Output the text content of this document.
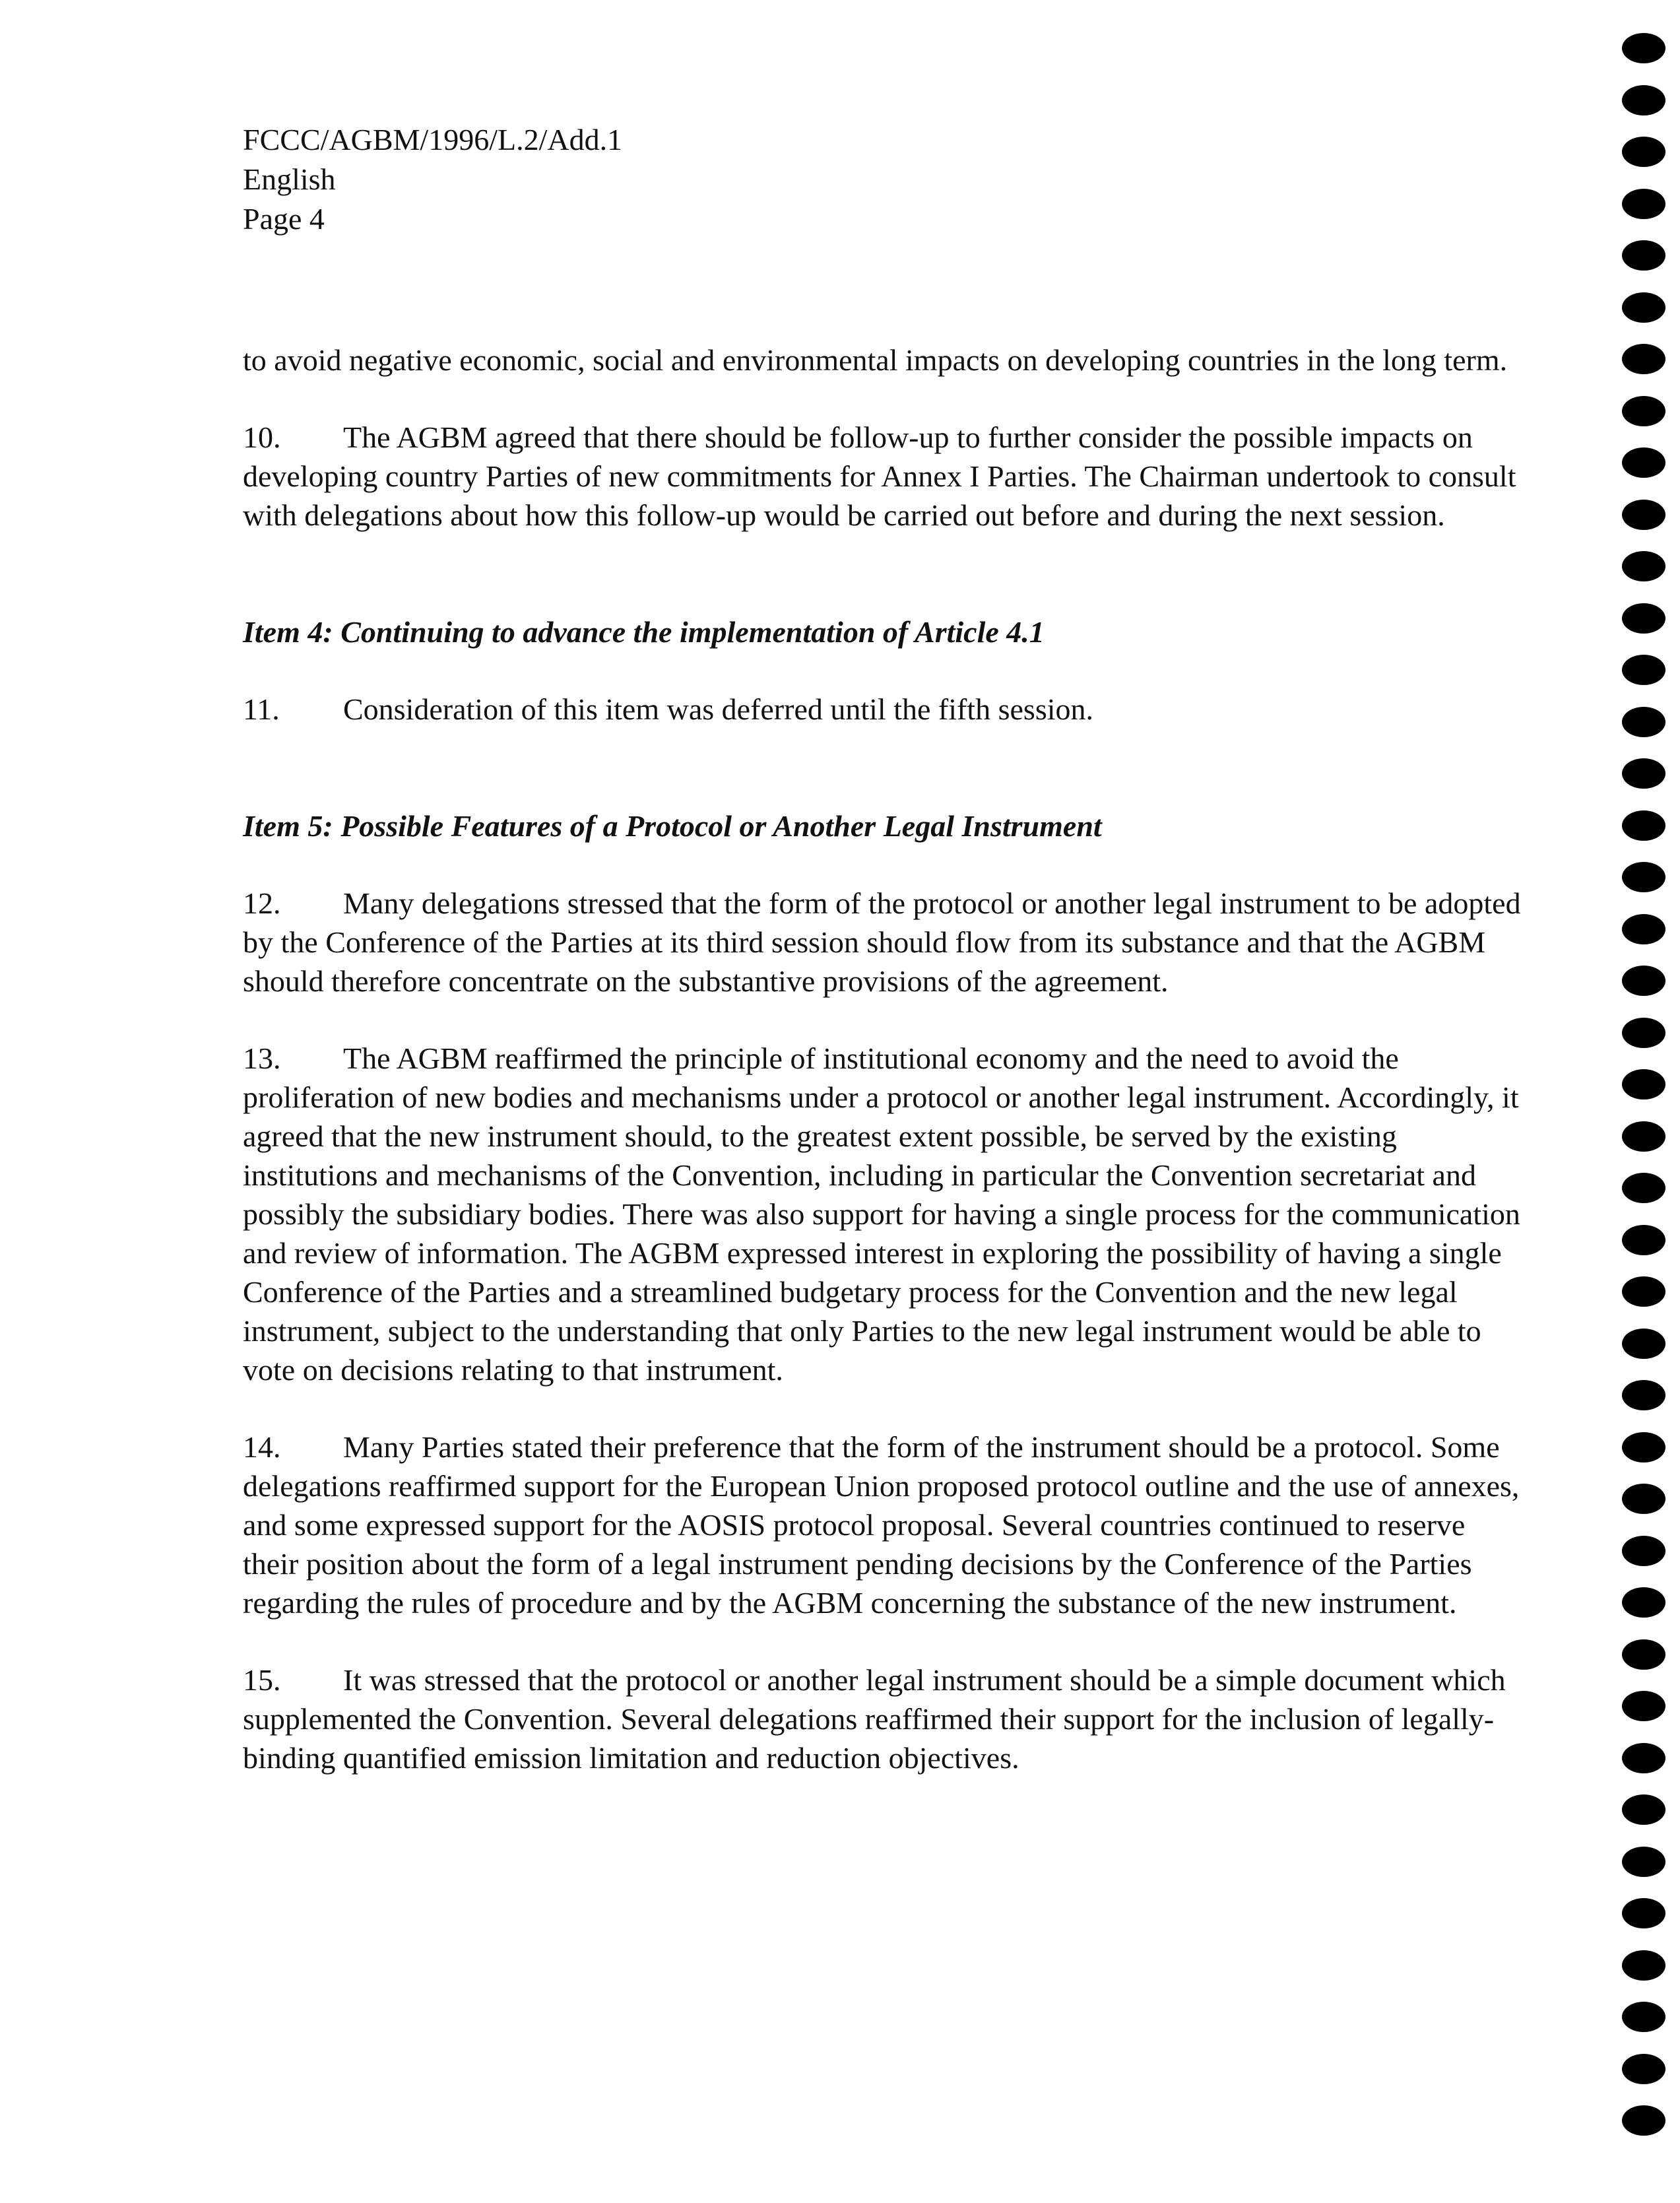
FCCC/AGBM/1996/L.2/Add.1
English
Page 4

to avoid negative economic, social and environmental impacts on developing countries in the long term.

10. The AGBM agreed that there should be follow-up to further consider the possible impacts on developing country Parties of new commitments for Annex I Parties. The Chairman undertook to consult with delegations about how this follow-up would be carried out before and during the next session.

Item 4: Continuing to advance the implementation of Article 4.1

11. Consideration of this item was deferred until the fifth session.

Item 5: Possible Features of a Protocol or Another Legal Instrument

12. Many delegations stressed that the form of the protocol or another legal instrument to be adopted by the Conference of the Parties at its third session should flow from its substance and that the AGBM should therefore concentrate on the substantive provisions of the agreement.

13. The AGBM reaffirmed the principle of institutional economy and the need to avoid the proliferation of new bodies and mechanisms under a protocol or another legal instrument. Accordingly, it agreed that the new instrument should, to the greatest extent possible, be served by the existing institutions and mechanisms of the Convention, including in particular the Convention secretariat and possibly the subsidiary bodies. There was also support for having a single process for the communication and review of information. The AGBM expressed interest in exploring the possibility of having a single Conference of the Parties and a streamlined budgetary process for the Convention and the new legal instrument, subject to the understanding that only Parties to the new legal instrument would be able to vote on decisions relating to that instrument.

14. Many Parties stated their preference that the form of the instrument should be a protocol. Some delegations reaffirmed support for the European Union proposed protocol outline and the use of annexes, and some expressed support for the AOSIS protocol proposal. Several countries continued to reserve their position about the form of a legal instrument pending decisions by the Conference of the Parties regarding the rules of procedure and by the AGBM concerning the substance of the new instrument.

15. It was stressed that the protocol or another legal instrument should be a simple document which supplemented the Convention. Several delegations reaffirmed their support for the inclusion of legally-binding quantified emission limitation and reduction objectives.
